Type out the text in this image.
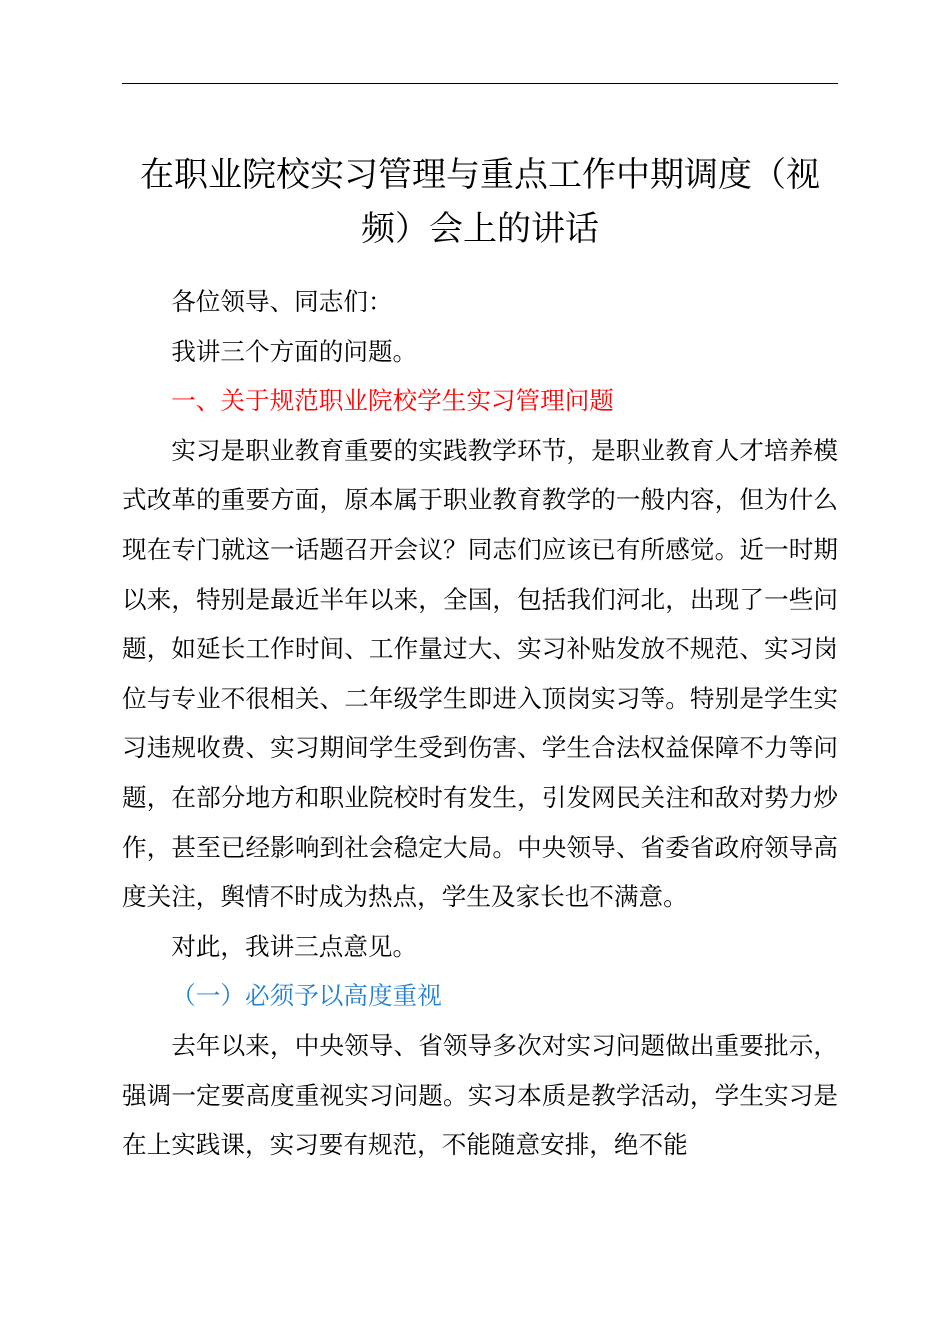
在职业院校实习管理与重点工作中期调度（视频）会上的讲话

各位领导、同志们：

我讲三个方面的问题。

一、关于规范职业院校学生实习管理问题

实习是职业教育重要的实践教学环节，是职业教育人才培养模式改革的重要方面，原本属于职业教育教学的一般内容，但为什么现在专门就这一话题召开会议？同志们应该已有所感觉。近一时期以来，特别是最近半年以来，全国，包括我们河北，出现了一些问题，如延长工作时间、工作量过大、实习补贴发放不规范、实习岗位与专业不很相关、二年级学生即进入顶岗实习等。特别是学生实习违规收费、实习期间学生受到伤害、学生合法权益保障不力等问题，在部分地方和职业院校时有发生，引发网民关注和敌对势力炒作，甚至已经影响到社会稳定大局。中央领导、省委省政府领导高度关注，舆情不时成为热点，学生及家长也不满意。

对此，我讲三点意见。

（一）必须予以高度重视

去年以来，中央领导、省领导多次对实习问题做出重要批示，强调一定要高度重视实习问题。实习本质是教学活动，学生实习是在上实践课，实习要有规范，不能随意安排，绝不能
